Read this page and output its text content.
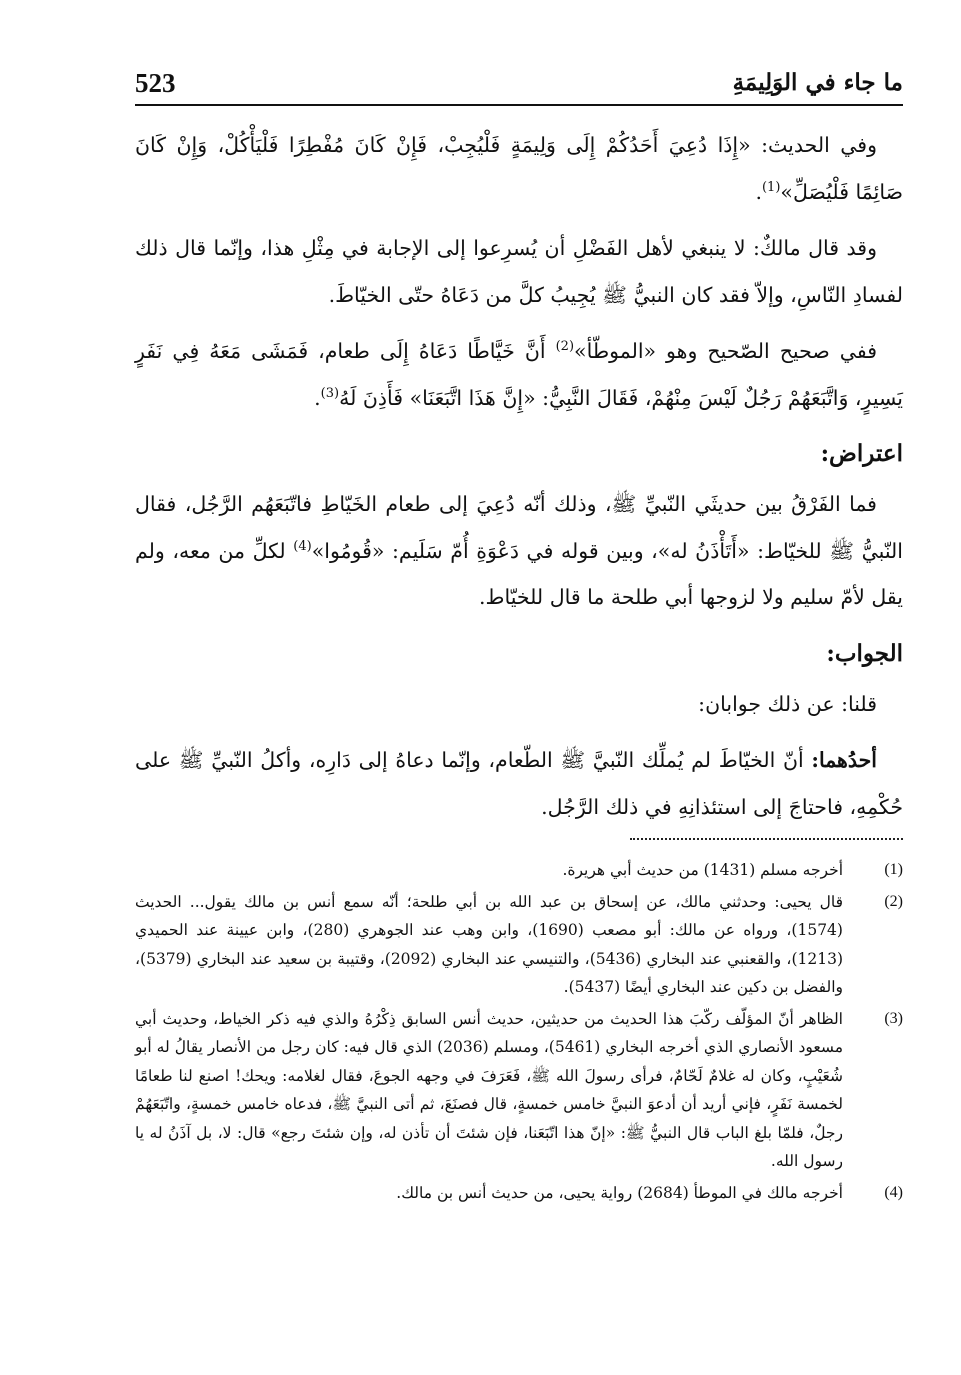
523	ما جاء في الوَلِيمَةِ

وفي الحديث: «إِذَا دُعِيَ أَحَدُكُمْ إِلَى وَلِيمَةٍ فَلْيُجِبْ، فَإِنْ كَانَ مُفْطِرًا فَلْيَأْكُلْ، وَإِنْ كَانَ صَائِمًا فَلْيُصَلِّ»$^{(1)}$.

وقد قال مالكٌ: لا ينبغي لأهل الفَضْلِ أن يُسرِعوا إلى الإجابة في مِثْلِ هذا، وإنّما قال ذلك لفسادِ النّاسِ، وإلاّ فقد كان النبيُّ ﷺ يُجِيبُ كلَّ من دَعَاهُ حتّى الخيّاطَ.

ففي صحيح الصّحيح وهو «الموطّأ»$^{(2)}$ أَنَّ خَيَّاطًا دَعَاهُ إِلَى طعام، فَمَشَى مَعَهُ فِي نَفَرٍ يَسِيرٍ، وَاتَّبَعَهُمْ رَجُلٌ لَيْسَ مِنْهُمْ، فَقَالَ النَّبِيُّ: «إِنَّ هَذَا اتَّبَعَنَا» فَأَذِنَ لَهُ$^{(3)}$.

اعتراض:

فما الفَرْقُ بين حديثَي النّبيِّ ﷺ، وذلك أنّه دُعِيَ إلى طعام الخَيّاطِ فاتّبَعَهُم الرَّجُل، فقال النّبيُّ ﷺ للخيّاط: «أَتَأْذَنُ له»، وبين قوله في دَعْوَةِ أُمّ سَلَيم: «قُومُوا»$^{(4)}$ لكلِّ من معه، ولم يقل لأمّ سليم ولا لزوجها أبي طلحة ما قال للخيّاط.

الجواب:

قلنا: عن ذلك جوابان:

أحدُهما: أنّ الخيّاطَ لم يُملِّك النّبيَّ ﷺ الطّعام، وإنّما دعاهُ إلى دَارِه، وأكلُ النّبيِّ ﷺ على حُكْمِهِ، فاحتاجَ إلى استئذانِهِ في ذلك الرَّجُل.

(1)
أخرجه مسلم (1431) من حديث أبي هريرة.
(2)
قال يحيى: وحدثني مالك، عن إسحاق بن عبد الله بن أبي طلحة؛ أنّه سمع أنس بن مالك يقول... الحديث (1574)، ورواه عن مالك: أبو مصعب (1690)، وابن وهب عند الجوهري (280)، وابن عيينة عند الحميدي (1213)، والقعنبي عند البخاري (5436)، والتنيسي عند البخاري (2092)، وقتيبة بن سعيد عند البخاري (5379)، والفضل بن دكين عند البخاري أيضًا (5437).
(3)
الظاهر أنّ المؤلّف ركّبَ هذا الحديث من حديثين، حديث أنس السابق ذِكْرُهُ والذي فيه ذكر الخياط، وحديث أبي مسعود الأنصاري الذي أخرجه البخاري (5461)، ومسلم (2036) الذي قال فيه: كان رجل من الأنصار يقالُ له أبو شُعَيْبٍ، وكان له غلامٌ لَحّامٌ، فرأى رسولَ الله ﷺ، فَعَرَفَ في وجهه الجوعَ، فقال لغلامه: ويحك! اصنع لنا طعامًا لخمسة نَفَرٍ، فإني أريد أن أدعوَ النبيَّ خامس خمسةٍ، قال فصنَعَ، ثم أتى النبيَّ ﷺ، فدعاه خامس خمسةٍ، واتّبَعَهُمْ رجلٌ، فلمّا بلغ الباب قال النبيُّ ﷺ: «إنّ هذا اتّبَعَنا، فإن شئتَ أن تأذن له، وإن شئتَ رجع» قال: لا، بل آذَنُ له يا رسول الله.
(4)
أخرجه مالك في الموطأ (2684) رواية يحيى، من حديث أنس بن مالك.
